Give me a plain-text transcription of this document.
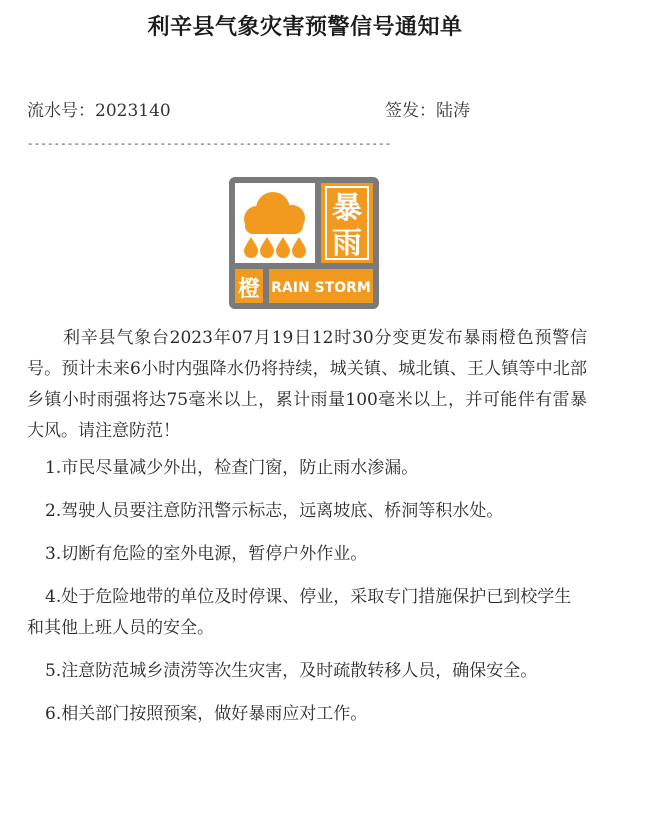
利辛县气象灾害预警信号通知单
流水号：2023140	签发：陆涛
-------------------------------------------------------
暴
雨
橙 RAIN STORM

利辛县气象台2023年07月19日12时30分变更发布暴雨橙色预警信号。预计未来6小时内强降水仍将持续，城关镇、城北镇、王人镇等中北部乡镇小时雨强将达75毫米以上，累计雨量100毫米以上，并可能伴有雷暴大风。请注意防范！

1.市民尽量减少外出，检查门窗，防止雨水渗漏。
2.驾驶人员要注意防汛警示标志，远离坡底、桥洞等积水处。
3.切断有危险的室外电源，暂停户外作业。
4.处于危险地带的单位及时停课、停业，采取专门措施保护已到校学生和其他上班人员的安全。
5.注意防范城乡渍涝等次生灾害，及时疏散转移人员，确保安全。
6.相关部门按照预案，做好暴雨应对工作。
